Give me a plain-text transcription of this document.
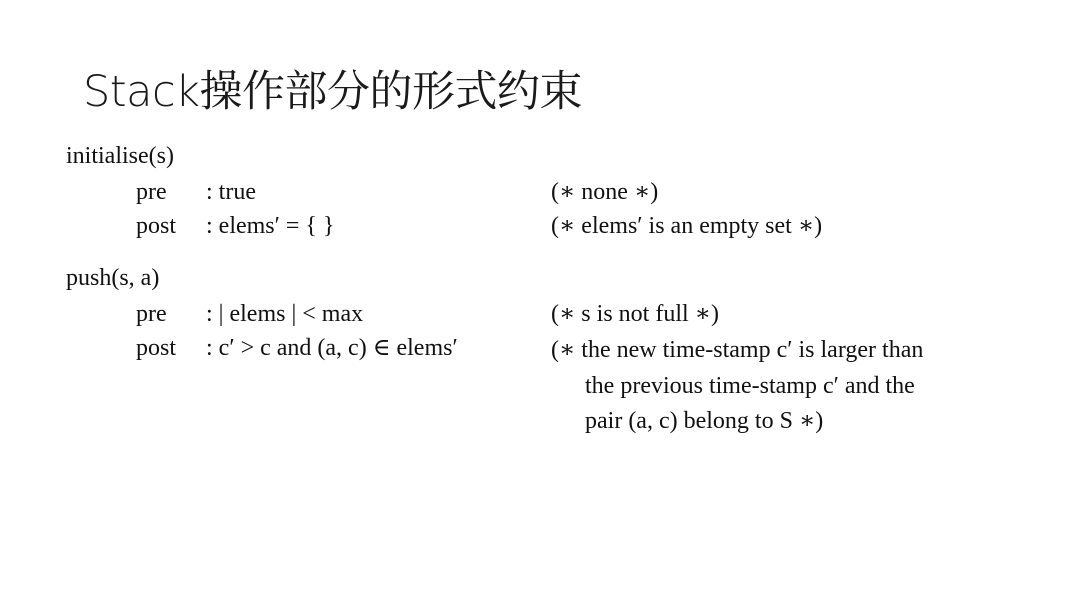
Stack操作部分的形式约束
initialise(s)
pre : true	(∗ none ∗)
post : elems′ = { }	(∗ elems′ is an empty set ∗)
push(s, a)
pre : | elems | < max	(∗ s is not full ∗)
post : c′ > c and (a, c) ∈ elems′	(∗ the new time-stamp c′ is larger than
the previous time-stamp c′ and the
pair (a, c) belong to S ∗)
